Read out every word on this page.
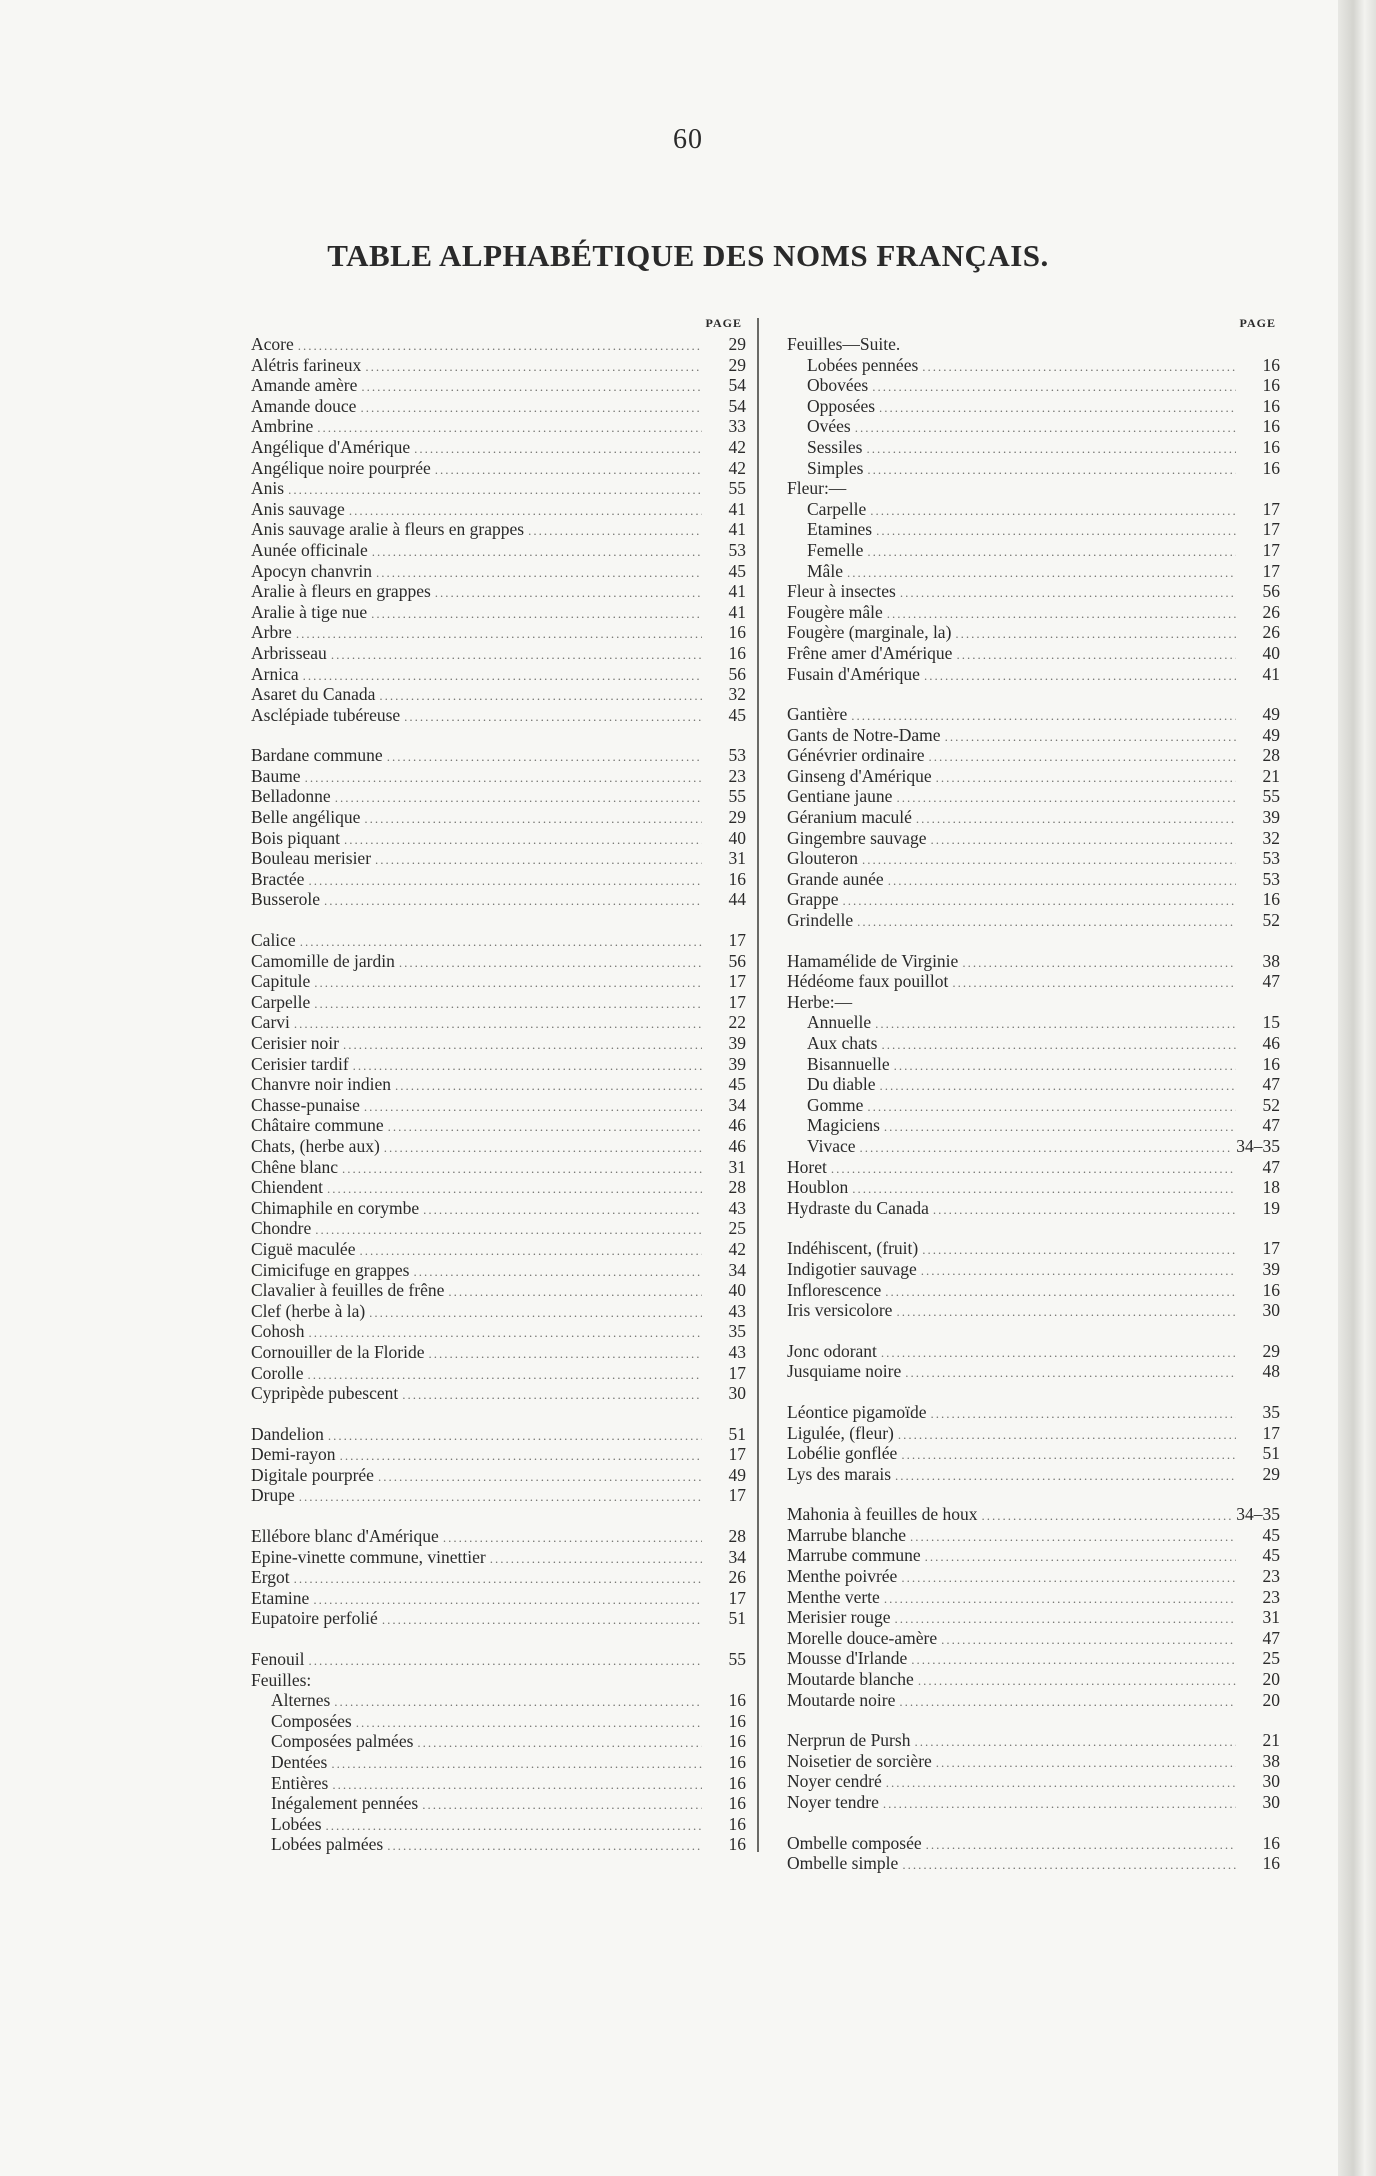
60
TABLE ALPHABÉTIQUE DES NOMS FRANÇAIS.
PAGE
Acore .....	29
Alétris farineux .....	29
Amande amère .....	54
Amande douce .....	54
Ambrine .....	33
Angélique d'Amérique .....	42
Angélique noire pourprée .....	42
Anis .....	55
Anis sauvage .....	41
Anis sauvage aralie à fleurs en grappes .....	41
Aunée officinale .....	53
Apocyn chanvrin .....	45
Aralie à fleurs en grappes .....	41
Aralie à tige nue .....	41
Arbre .....	16
Arbrisseau .....	16
Arnica .....	56
Asaret du Canada .....	32
Asclépiade tubéreuse .....	45
Bardane commune .....	53
Baume .....	23
Belladonne .....	55
Belle angélique .....	29
Bois piquant .....	40
Bouleau merisier .....	31
Bractée .....	16
Busserole .....	44
Calice .....	17
Camomille de jardin .....	56
Capitule .....	17
Carpelle .....	17
Carvi .....	22
Cerisier noir .....	39
Cerisier tardif .....	39
Chanvre noir indien .....	45
Chasse-punaise .....	34
Châtaire commune .....	46
Chats, (herbe aux) .....	46
Chêne blanc .....	31
Chiendent .....	28
Chimaphile en corymbe .....	43
Chondre .....	25
Ciguë maculée .....	42
Cimicifuge en grappes .....	34
Clavalier à feuilles de frêne .....	40
Clef (herbe à la) .....	43
Cohosh .....	35
Cornouiller de la Floride .....	43
Corolle .....	17
Cypripède pubescent .....	30
Dandelion .....	51
Demi-rayon .....	17
Digitale pourprée .....	49
Drupe .....	17
Ellébore blanc d'Amérique .....	28
Epine-vinette commune, vinettier .....	34
Ergot .....	26
Etamine .....	17
Eupatoire perfolié .....	51
Fenouil .....	55
Feuilles:
Alternes .....	16
Composées .....	16
Composées palmées .....	16
Dentées .....	16
Entières .....	16
Inégalement pennées .....	16
Lobées .....	16
Lobées palmées .....	16
PAGE
Feuilles—Suite.
Lobées pennées .....	16
Obovées .....	16
Opposées .....	16
Ovées .....	16
Sessiles .....	16
Simples .....	16
Fleur:—
Carpelle .....	17
Etamines .....	17
Femelle .....	17
Mâle .....	17
Fleur à insectes .....	56
Fougère mâle .....	26
Fougère (marginale, la) .....	26
Frêne amer d'Amérique .....	40
Fusain d'Amérique .....	41
Gantière .....	49
Gants de Notre-Dame .....	49
Génévrier ordinaire .....	28
Ginseng d'Amérique .....	21
Gentiane jaune .....	55
Géranium maculé .....	39
Gingembre sauvage .....	32
Glouteron .....	53
Grande aunée .....	53
Grappe .....	16
Grindelle .....	52
Hamamélide de Virginie .....	38
Hédéome faux pouillot .....	47
Herbe:—
Annuelle .....	15
Aux chats .....	46
Bisannuelle .....	16
Du diable .....	47
Gomme .....	52
Magiciens .....	47
Vivace .....	34–35
Horet .....	47
Houblon .....	18
Hydraste du Canada .....	19
Indéhiscent, (fruit) .....	17
Indigotier sauvage .....	39
Inflorescence .....	16
Iris versicolore .....	30
Jonc odorant .....	29
Jusquiame noire .....	48
Léontice pigamoïde .....	35
Ligulée, (fleur) .....	17
Lobélie gonflée .....	51
Lys des marais .....	29
Mahonia à feuilles de houx .....	34–35
Marrube blanche .....	45
Marrube commune .....	45
Menthe poivrée .....	23
Menthe verte .....	23
Merisier rouge .....	31
Morelle douce-amère .....	47
Mousse d'Irlande .....	25
Moutarde blanche .....	20
Moutarde noire .....	20
Nerprun de Pursh .....	21
Noisetier de sorcière .....	38
Noyer cendré .....	30
Noyer tendre .....	30
Ombelle composée .....	16
Ombelle simple .....	16
